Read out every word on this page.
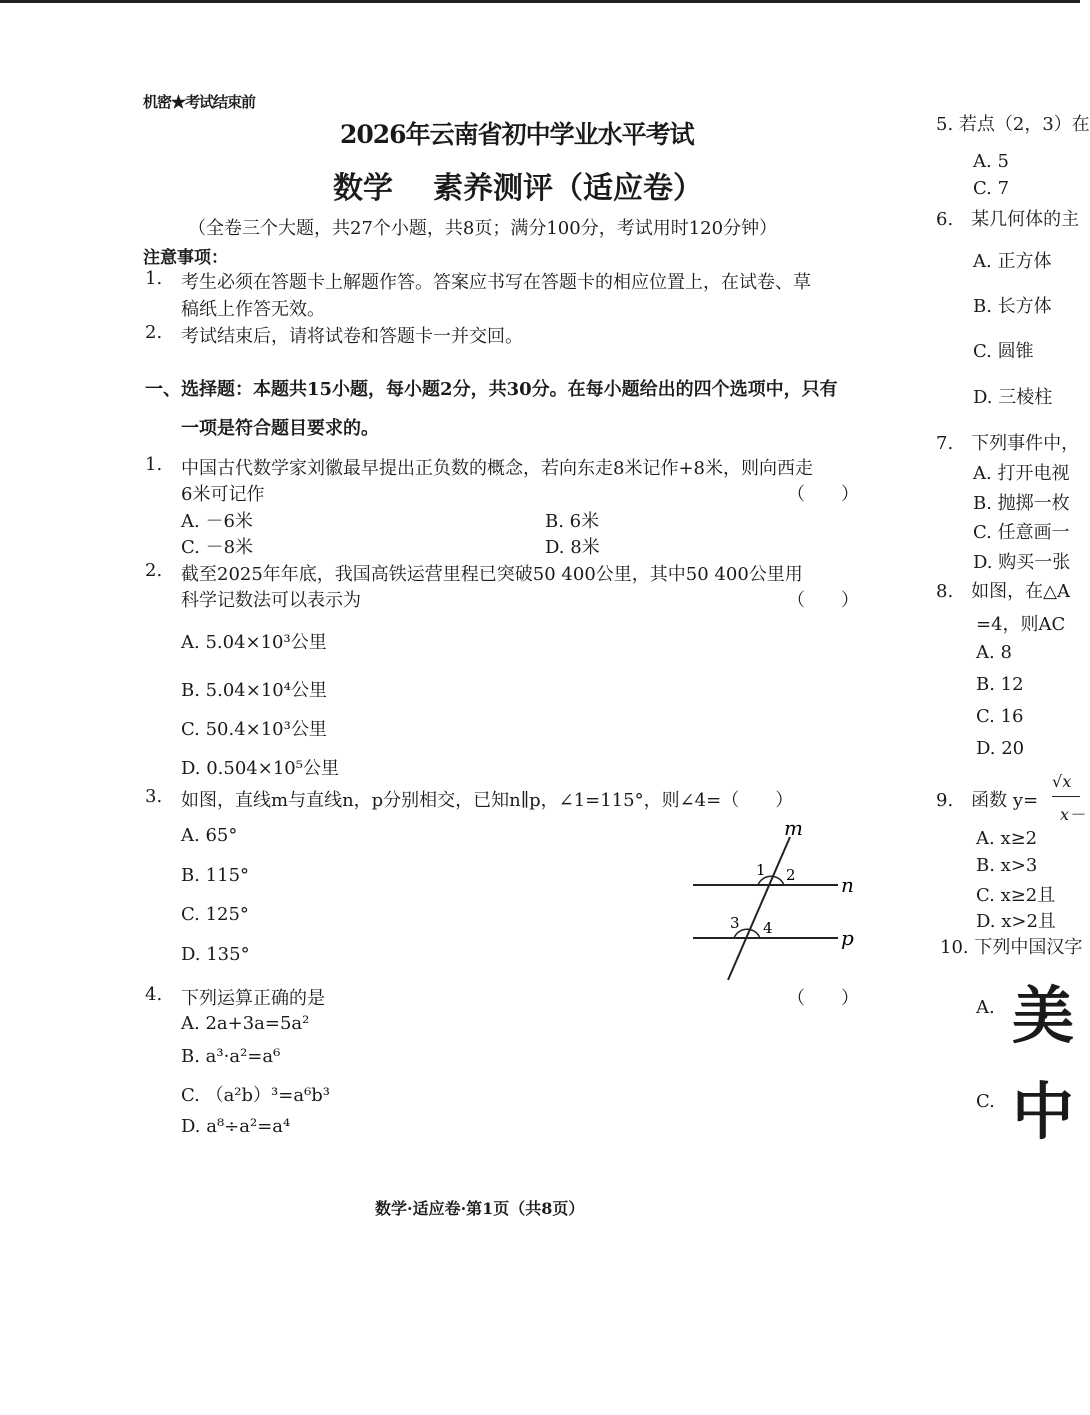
机密★考试结束前
2026年云南省初中学业水平考试
数学 素养测评（适应卷）
（全卷三个大题，共27个小题，共8页；满分100分，考试用时120分钟）
注意事项：
1. 考生必须在答题卡上解题作答。答案应书写在答题卡的相应位置上，在试卷、草
稿纸上作答无效。
2. 考试结束后，请将试卷和答题卡一并交回。
一、选择题：本题共15小题，每小题2分，共30分。在每小题给出的四个选项中，只有
一项是符合题目要求的。
1. 中国古代数学家刘徽最早提出正负数的概念，若向东走8米记作+8米，则向西走
6米可记作	（　　）
A. －6米	B. 6米
C. －8米	D. 8米
2. 截至2025年年底，我国高铁运营里程已突破50 400公里，其中50 400公里用
科学记数法可以表示为	（　　）
A. 5.04×10³公里
B. 5.04×10⁴公里
C. 50.4×10³公里
D. 0.504×10⁵公里
3. 如图，直线m与直线n，p分别相交，已知n∥p，∠1=115°，则∠4=（　　）
A. 65°
B. 115°
C. 125°
D. 135°
m
n
p
1 2
3 4
4. 下列运算正确的是	（　　）
A. 2a+3a=5a²
B. a³·a²=a⁶
C. （a²b）³=a⁶b³
D. a⁸÷a²=a⁴
数学·适应卷·第1页（共8页）
5. 若点（2，3）在
A. 5
C. 7
6.　某几何体的主
A. 正方体
B. 长方体
C. 圆锥
D. 三棱柱
7.　下列事件中，
A. 打开电视
B. 抛掷一枚
C. 任意画一
D. 购买一张
8.　如图，在△A
=4，则AC
A. 8
B. 12
C. 16
D. 20
9.　函数 y=
√x
x－
A. x≥2
B. x>3
C. x≥2且
D. x>2且
10. 下列中国汉字
A. 美
C. 中
